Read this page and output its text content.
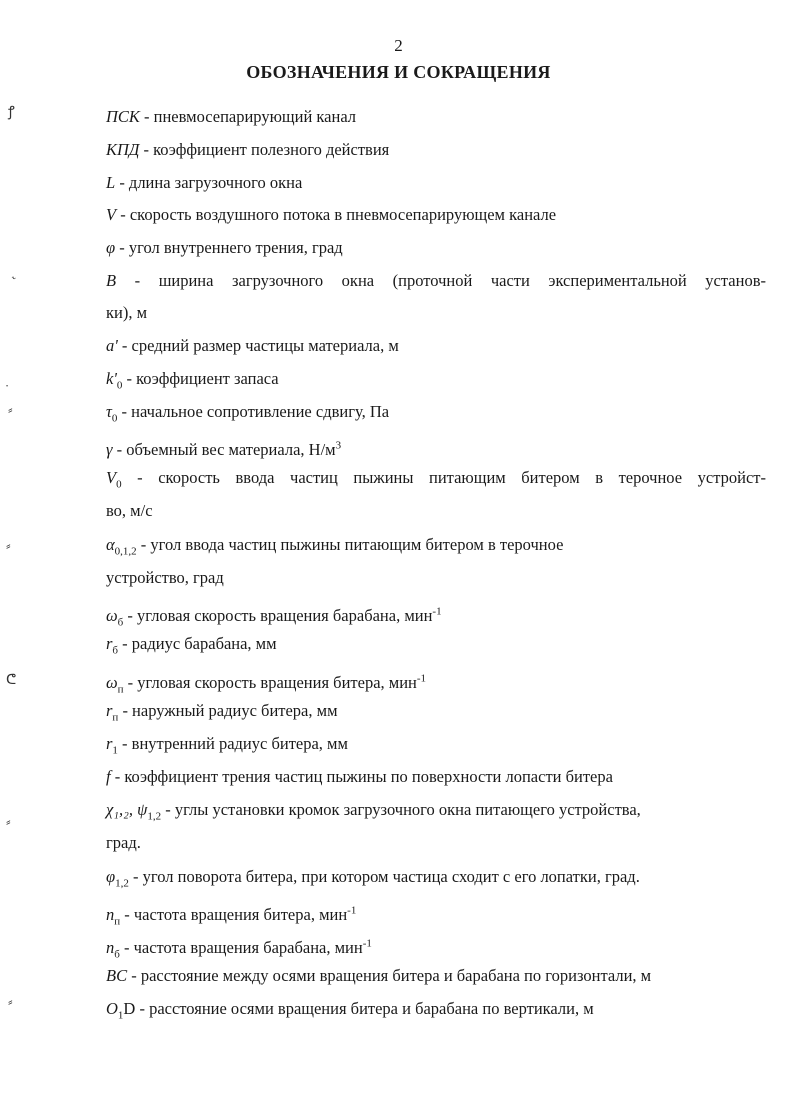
2
ОБОЗНАЧЕНИЯ И СОКРАЩЕНИЯ
ꝭ
˞
•
⸗
⸗
ᕦ
⸗
⸗
ПСК - пневмосепарирующий канал
КПД - коэффициент полезного действия
L - длина загрузочного окна
V - скорость воздушного потока в пневмосепарирующем канале
φ - угол внутреннего трения, град
B - ширина загрузочного окна (проточной части экспериментальной установ-
ки), м
a' - средний размер частицы материала, м
$k'_0$ - коэффициент запаса
$\tau_0$ - начальное сопротивление сдвигу, Па
γ - объемный вес материала, $Н/м^3$
$V_0$ - скорость ввода частиц пыжины питающим битером в терочное устройст-
во, м/с
$\alpha_{0,1,2}$ - угол ввода частиц пыжины питающим битером в терочное
устройство, град
$\omega_б$ - угловая скорость вращения барабана, мин$^{-1}$
$r_б$ - радиус барабана, мм
$\omega_п$ - угловая скорость вращения битера, мин$^{-1}$
$r_п$ - наружный радиус битера, мм
$r_1$ - внутренний радиус битера, мм
f - коэффициент трения частиц пыжины по поверхности лопасти битера
χ₁,₂, $\psi_{1,2}$ - углы установки кромок загрузочного окна питающего устройства,
град.
$\varphi_{1,2}$ - угол поворота битера, при котором частица сходит с его лопатки, град.
$n_п$ - частота вращения битера, мин$^{-1}$
$n_б$ - частота вращения барабана, мин$^{-1}$
BC - расстояние между осями вращения битера и барабана по горизонтали, м
$O_1D$ - расстояние осями вращения битера и барабана по вертикали, м
